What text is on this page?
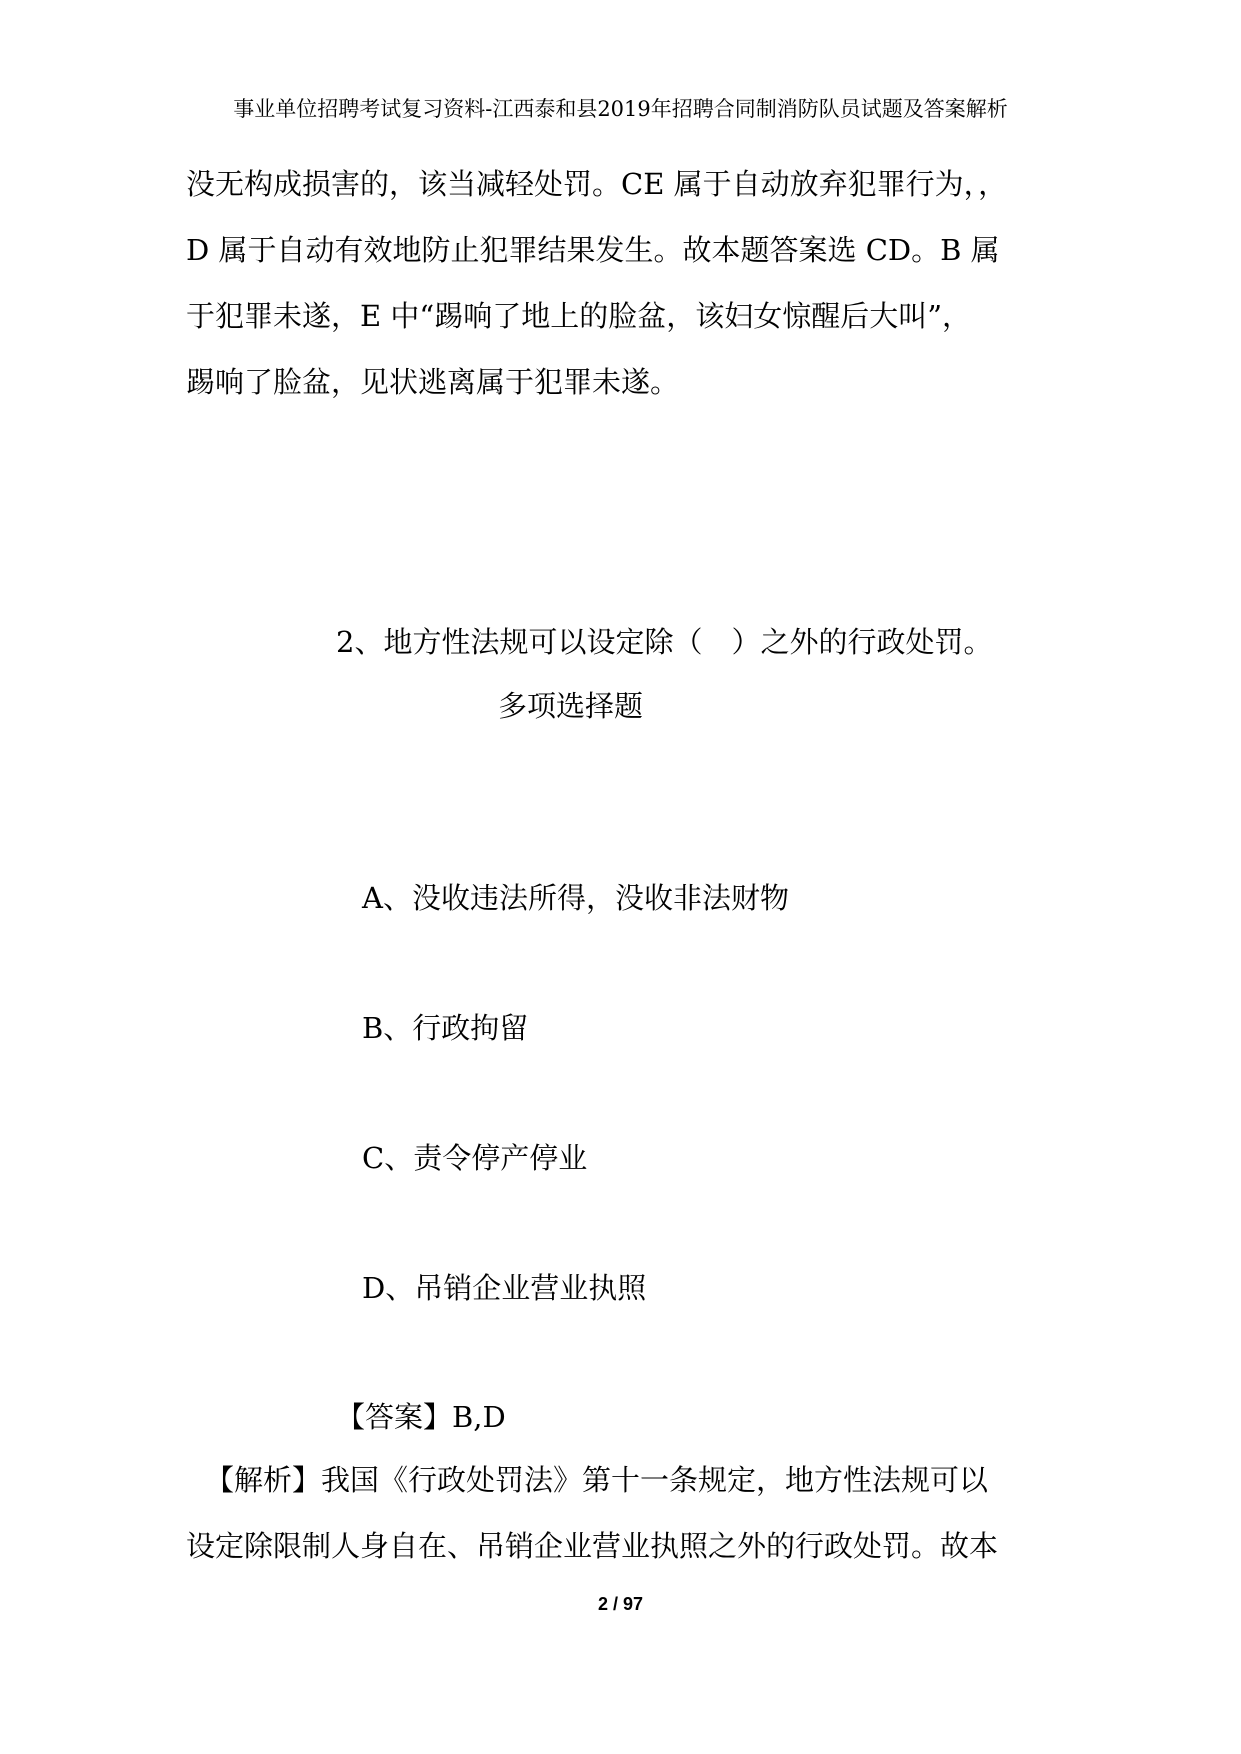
事业单位招聘考试复习资料-江西泰和县2019年招聘合同制消防队员试题及答案解析
没无构成损害的，该当减轻处罚。CE 属于自动放弃犯罪行为，，
D 属于自动有效地防止犯罪结果发生。故本题答案选 CD。B 属
于犯罪未遂，E 中“踢响了地上的脸盆，该妇女惊醒后大叫”，
踢响了脸盆，见状逃离属于犯罪未遂。
2、地方性法规可以设定除（　）之外的行政处罚。
多项选择题
A、没收违法所得，没收非法财物
B、行政拘留
C、责令停产停业
D、吊销企业营业执照
【答案】B,D
【解析】我国《行政处罚法》第十一条规定，地方性法规可以
设定除限制人身自在、吊销企业营业执照之外的行政处罚。故本
2 / 97
